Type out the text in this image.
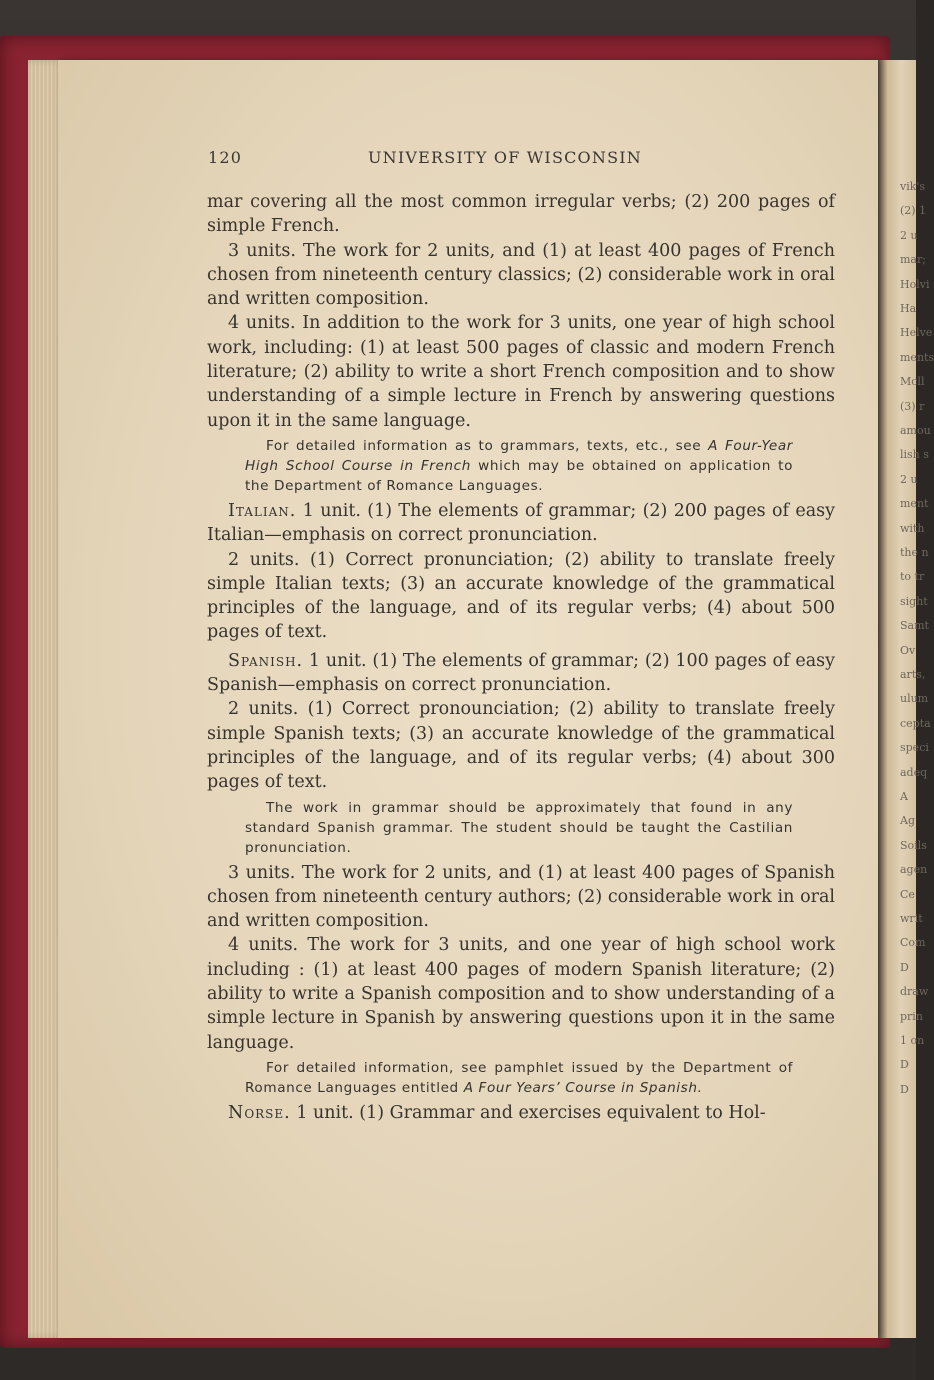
vik's
(2) 1
2 u
mar;
Holvi
Ha
Helve
ments
Mcll
(3) r
amou
lish s
2 u
ment
with
the n
to tr
sight
Samt
Ov
arts,
ulum
cepta
speci
adeq
A
Ag
Soils
agen
Ce
writ
Com
D
draw
prin
1 on
D
D
120	UNIVERSITY OF WISCONSIN

mar covering all the most common irregular verbs; (2) 200 pages of simple French.

3 units. The work for 2 units, and (1) at least 400 pages of French chosen from nineteenth century classics; (2) considerable work in oral and written composition.

4 units. In addition to the work for 3 units, one year of high school work, including: (1) at least 500 pages of classic and modern French literature; (2) ability to write a short French composition and to show understanding of a simple lecture in French by answering questions upon it in the same language.

For detailed information as to grammars, texts, etc., see A Four-Year High School Course in French which may be obtained on application to the Department of Romance Languages.

Italian. 1 unit. (1) The elements of grammar; (2) 200 pages of easy Italian—emphasis on correct pronunciation.

2 units. (1) Correct pronunciation; (2) ability to translate freely simple Italian texts; (3) an accurate knowledge of the grammatical principles of the language, and of its regular verbs; (4) about 500 pages of text.

Spanish. 1 unit. (1) The elements of grammar; (2) 100 pages of easy Spanish—emphasis on correct pronunciation.

2 units. (1) Correct pronounciation; (2) ability to translate freely simple Spanish texts; (3) an accurate knowledge of the grammatical principles of the language, and of its regular verbs; (4) about 300 pages of text.

The work in grammar should be approximately that found in any standard Spanish grammar. The student should be taught the Castilian pronunciation.

3 units. The work for 2 units, and (1) at least 400 pages of Spanish chosen from nineteenth century authors; (2) considerable work in oral and written composition.

4 units. The work for 3 units, and one year of high school work including : (1) at least 400 pages of modern Spanish literature; (2) ability to write a Spanish composition and to show understanding of a simple lecture in Spanish by answering questions upon it in the same language.

For detailed information, see pamphlet issued by the Department of Romance Languages entitled A Four Years’ Course in Spanish.

Norse. 1 unit. (1) Grammar and exercises equivalent to Hol-
